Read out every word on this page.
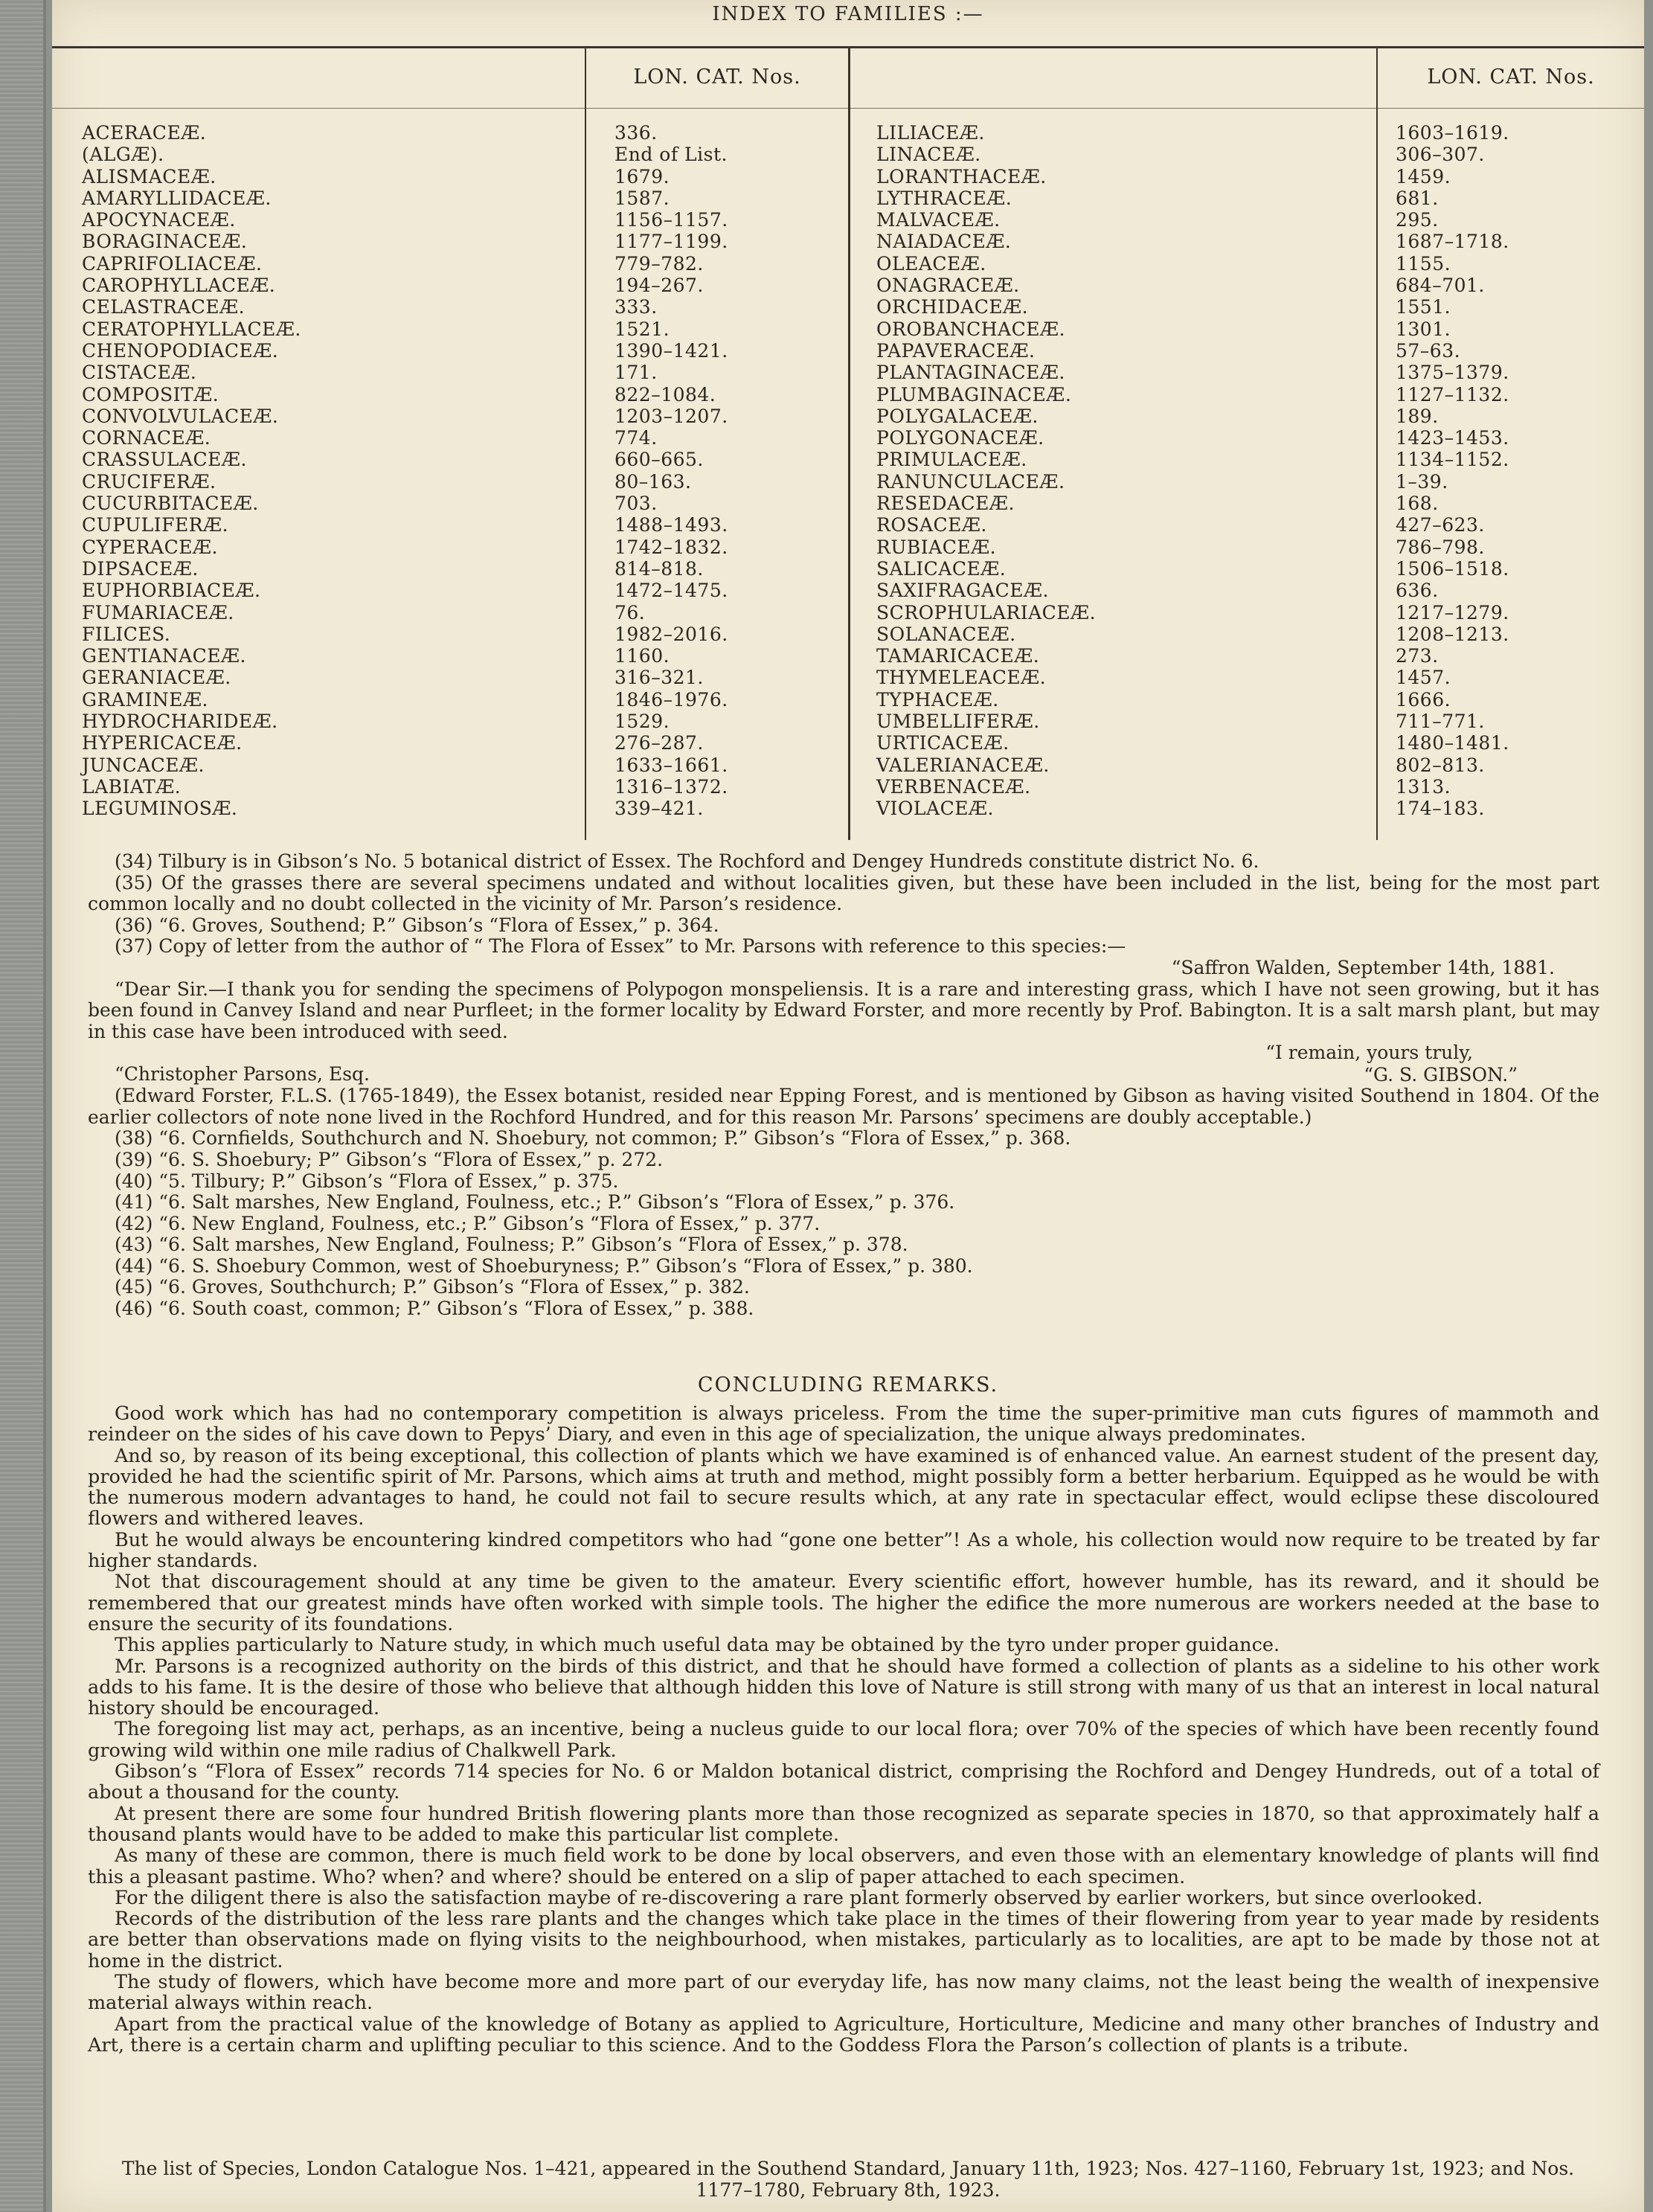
INDEX TO FAMILIES :—
LON. CAT. Nos.	LON. CAT. Nos.
ACERACEÆ.
(ALGÆ).
ALISMACEÆ.
AMARYLLIDACEÆ.
APOCYNACEÆ.
BORAGINACEÆ.
CAPRIFOLIACEÆ.
CAROPHYLLACEÆ.
CELASTRACEÆ.
CERATOPHYLLACEÆ.
CHENOPODIACEÆ.
CISTACEÆ.
COMPOSITÆ.
CONVOLVULACEÆ.
CORNACEÆ.
CRASSULACEÆ.
CRUCIFERÆ.
CUCURBITACEÆ.
CUPULIFERÆ.
CYPERACEÆ.
DIPSACEÆ.
EUPHORBIACEÆ.
FUMARIACEÆ.
FILICES.
GENTIANACEÆ.
GERANIACEÆ.
GRAMINEÆ.
HYDROCHARIDEÆ.
HYPERICACEÆ.
JUNCACEÆ.
LABIATÆ.
LEGUMINOSÆ.
336.
End of List.
1679.
1587.
1156–1157.
1177–1199.
779–782.
194–267.
333.
1521.
1390–1421.
171.
822–1084.
1203–1207.
774.
660–665.
80–163.
703.
1488–1493.
1742–1832.
814–818.
1472–1475.
76.
1982–2016.
1160.
316–321.
1846–1976.
1529.
276–287.
1633–1661.
1316–1372.
339–421.
LILIACEÆ.
LINACEÆ.
LORANTHACEÆ.
LYTHRACEÆ.
MALVACEÆ.
NAIADACEÆ.
OLEACEÆ.
ONAGRACEÆ.
ORCHIDACEÆ.
OROBANCHACEÆ.
PAPAVERACEÆ.
PLANTAGINACEÆ.
PLUMBAGINACEÆ.
POLYGALACEÆ.
POLYGONACEÆ.
PRIMULACEÆ.
RANUNCULACEÆ.
RESEDACEÆ.
ROSACEÆ.
RUBIACEÆ.
SALICACEÆ.
SAXIFRAGACEÆ.
SCROPHULARIACEÆ.
SOLANACEÆ.
TAMARICACEÆ.
THYMELEACEÆ.
TYPHACEÆ.
UMBELLIFERÆ.
URTICACEÆ.
VALERIANACEÆ.
VERBENACEÆ.
VIOLACEÆ.
1603–1619.
306–307.
1459.
681.
295.
1687–1718.
1155.
684–701.
1551.
1301.
57–63.
1375–1379.
1127–1132.
189.
1423–1453.
1134–1152.
1–39.
168.
427–623.
786–798.
1506–1518.
636.
1217–1279.
1208–1213.
273.
1457.
1666.
711–771.
1480–1481.
802–813.
1313.
174–183.

(34) Tilbury is in Gibson’s No. 5 botanical district of Essex. The Rochford and Dengey Hundreds constitute district No. 6.

(35) Of the grasses there are several specimens undated and without localities given, but these have been included in the list, being for the most part common locally and no doubt collected in the vicinity of Mr. Parson’s residence.

(36) “6. Groves, Southend; P.” Gibson’s “Flora of Essex,” p. 364.

(37) Copy of letter from the author of “ The Flora of Essex” to Mr. Parsons with reference to this species:—

“Saffron Walden, September 14th, 1881.

“Dear Sir.—I thank you for sending the specimens of Polypogon monspeliensis. It is a rare and interesting grass, which I have not seen growing, but it has been found in Canvey Island and near Purfleet; in the former locality by Edward Forster, and more recently by Prof. Babington. It is a salt marsh plant, but may in this case have been introduced with seed.

“I remain, yours truly,

“Christopher Parsons, Esq.	“G. S. GIBSON.”

(Edward Forster, F.L.S. (1765-1849), the Essex botanist, resided near Epping Forest, and is mentioned by Gibson as having visited Southend in 1804. Of the earlier collectors of note none lived in the Rochford Hundred, and for this reason Mr. Parsons’ specimens are doubly acceptable.)

(38) “6. Cornfields, Southchurch and N. Shoebury, not common; P.” Gibson’s “Flora of Essex,” p. 368.

(39) “6. S. Shoebury; P” Gibson’s “Flora of Essex,” p. 272.

(40) “5. Tilbury; P.” Gibson’s “Flora of Essex,” p. 375.

(41) “6. Salt marshes, New England, Foulness, etc.; P.” Gibson’s “Flora of Essex,” p. 376.

(42) “6. New England, Foulness, etc.; P.” Gibson’s “Flora of Essex,” p. 377.

(43) “6. Salt marshes, New England, Foulness; P.” Gibson’s “Flora of Essex,” p. 378.

(44) “6. S. Shoebury Common, west of Shoeburyness; P.” Gibson’s “Flora of Essex,” p. 380.

(45) “6. Groves, Southchurch; P.” Gibson’s “Flora of Essex,” p. 382.

(46) “6. South coast, common; P.” Gibson’s “Flora of Essex,” p. 388.

CONCLUDING REMARKS.

Good work which has had no contemporary competition is always priceless. From the time the super-primitive man cuts figures of mammoth and reindeer on the sides of his cave down to Pepys’ Diary, and even in this age of specialization, the unique always predominates.

And so, by reason of its being exceptional, this collection of plants which we have examined is of enhanced value. An earnest student of the present day, provided he had the scientific spirit of Mr. Parsons, which aims at truth and method, might possibly form a better herbarium. Equipped as he would be with the numerous modern advantages to hand, he could not fail to secure results which, at any rate in spectacular effect, would eclipse these discoloured flowers and withered leaves.

But he would always be encountering kindred competitors who had “gone one better”! As a whole, his collection would now require to be treated by far higher standards.

Not that discouragement should at any time be given to the amateur. Every scientific effort, however humble, has its reward, and it should be remembered that our greatest minds have often worked with simple tools. The higher the edifice the more numerous are workers needed at the base to ensure the security of its foundations.

This applies particularly to Nature study, in which much useful data may be obtained by the tyro under proper guidance.

Mr. Parsons is a recognized authority on the birds of this district, and that he should have formed a collection of plants as a sideline to his other work adds to his fame. It is the desire of those who believe that although hidden this love of Nature is still strong with many of us that an interest in local natural history should be encouraged.

The foregoing list may act, perhaps, as an incentive, being a nucleus guide to our local flora; over 70% of the species of which have been recently found growing wild within one mile radius of Chalkwell Park.

Gibson’s “Flora of Essex” records 714 species for No. 6 or Maldon botanical district, comprising the Rochford and Dengey Hundreds, out of a total of about a thousand for the county.

At present there are some four hundred British flowering plants more than those recognized as separate species in 1870, so that approximately half a thousand plants would have to be added to make this particular list complete.

As many of these are common, there is much field work to be done by local observers, and even those with an elementary knowledge of plants will find this a pleasant pastime. Who? when? and where? should be entered on a slip of paper attached to each specimen.

For the diligent there is also the satisfaction maybe of re-discovering a rare plant formerly observed by earlier workers, but since overlooked.

Records of the distribution of the less rare plants and the changes which take place in the times of their flowering from year to year made by residents are better than observations made on flying visits to the neighbourhood, when mistakes, particularly as to localities, are apt to be made by those not at home in the district.

The study of flowers, which have become more and more part of our everyday life, has now many claims, not the least being the wealth of inexpensive material always within reach.

Apart from the practical value of the knowledge of Botany as applied to Agriculture, Horticulture, Medicine and many other branches of Industry and Art, there is a certain charm and uplifting peculiar to this science. And to the Goddess Flora the Parson’s collection of plants is a tribute.

The list of Species, London Catalogue Nos. 1–421, appeared in the Southend Standard, January 11th, 1923; Nos. 427–1160, February 1st, 1923; and Nos. 1177–1780, February 8th, 1923.
